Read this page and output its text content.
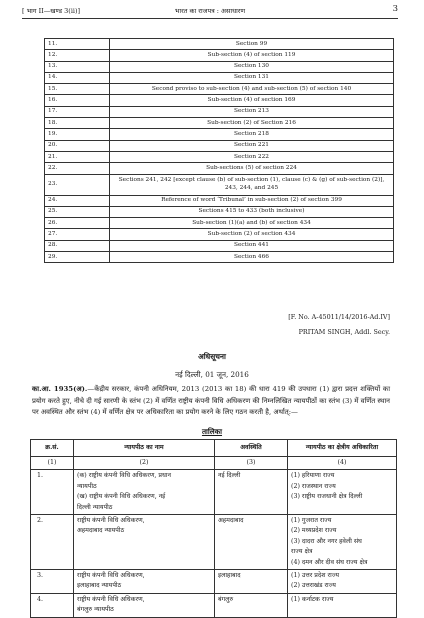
[ भाग II—खण्ड 3(ii)]	भारत का राजपत्र : असाधारण	3
11.	Section 99
12.	Sub-section (4) of section 119
13.	Section 130
14.	Section 131
15.	Second proviso to sub-section (4) and sub-section (5) of section 140
16.	Sub-section (4) of section 169
17.	Section 213
18.	Sub-section (2) of Section 216
19.	Section 218
20.	Section 221
21.	Section 222
22.	Sub-sections (5) of section 224
23.	Sections 241, 242 [except clause (b) of sub-section (1), clause (c) & (g) of sub-section (2)], 243, 244, and 245
24.	Reference of word ‘Tribunal’ in sub-section (2) of section 399
25.	Sections 415 to 433 (both inclusive)
26.	Sub-section (1)(a) and (b) of section 434
27.	Sub-section (2) of section 434
28.	Section 441
29.	Section 466
[F. No. A-45011/14/2016-Ad.IV]
PRITAM SINGH, Addl. Secy.
अधिसूचना
नई दिल्ली, 01 जून, 2016
का.आ. 1935(अ).—केंद्रीय सरकार, कंपनी अधिनियम, 2013 (2013 का 18) की धारा 419 की उपधारा (1) द्वारा प्रदत्त शक्तियों का प्रयोग करते हुए, नीचे दी गई सारणी के स्तंभ (2) में वर्णित राष्ट्रीय कंपनी विधि अधिकरण की निम्नलिखित न्यायपीठों का स्तंभ (3) में वर्णित स्थान पर अवस्थित और स्तंभ (4) में वर्णित क्षेत्र पर अधिकारिता का प्रयोग करने के लिए गठन करती है, अर्थात्‌:—
तालिका
क्र.सं.	न्यायपीठ का नाम	अवस्थिति	न्यायपीठ का क्षेत्रीय अधिकारिता
(1)	(2)	(3)	(4)
1.	(क) राष्ट्रीय कंपनी विधि अधिकरण, प्रधान
न्यायपीठ
(ख) राष्ट्रीय कंपनी विधि अधिकरण, नई
दिल्ली न्यायपीठ	नई दिल्ली	(1) हरियाणा राज्य
(2) राजस्थान राज्य
(3) राष्ट्रीय राजधानी क्षेत्र दिल्ली

2.	राष्ट्रीय कंपनी विधि अधिकरण,
अहमदाबाद न्यायपीठ	अहमदाबाद	(1) गुजरात राज्य
(2) मध्यप्रदेश राज्य
(3) दादरा और नगर हवेली संघ
राज्य क्षेत्र
(4) दमन और दीव संघ राज्य क्षेत्र

3.	राष्ट्रीय कंपनी विधि अधिकरण,
इलाहाबाद न्यायपीठ	इलाहाबाद	(1) उत्तर प्रदेश राज्य
(2) उत्तराखंड राज्य

4.	राष्ट्रीय कंपनी विधि अधिकरण,
बंगलुरु न्यायपीठ	बंगलुरु	(1) कर्नाटक राज्य
